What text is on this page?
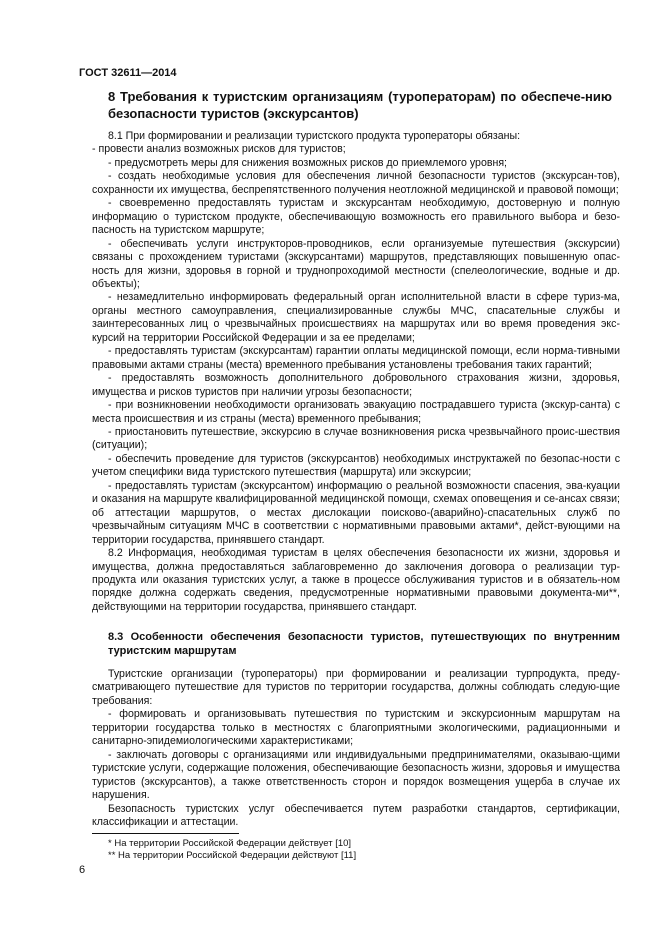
ГОСТ 32611—2014
8 Требования к туристским организациям (туроператорам) по обеспече-нию безопасности туристов (экскурсантов)

8.1 При формировании и реализации туристского продукта туроператоры обязаны:

- провести анализ возможных рисков для туристов;

- предусмотреть меры для снижения возможных рисков до приемлемого уровня;

- создать необходимые условия для обеспечения личной безопасности туристов (экскурсан-тов), сохранности их имущества, беспрепятственного получения неотложной медицинской и правовой помощи;

- своевременно предоставлять туристам и экскурсантам необходимую, достоверную и полную информацию о туристском продукте, обеспечивающую возможность его правильного выбора и безо-пасность на туристском маршруте;

- обеспечивать услуги инструкторов-проводников, если организуемые путешествия (экскурсии) связаны с прохождением туристами (экскурсантами) маршрутов, представляющих повышенную опас-ность для жизни, здоровья в горной и труднопроходимой местности (спелеологические, водные и др. объекты);

- незамедлительно информировать федеральный орган исполнительной власти в сфере туриз-ма, органы местного самоуправления, специализированные службы МЧС, спасательные службы и заинтересованных лиц о чрезвычайных происшествиях на маршрутах или во время проведения экс-курсий на территории Российской Федерации и за ее пределами;

- предоставлять туристам (экскурсантам) гарантии оплаты медицинской помощи, если норма-тивными правовыми актами страны (места) временного пребывания установлены требования таких гарантий;

- предоставлять возможность дополнительного добровольного страхования жизни, здоровья, имущества и рисков туристов при наличии угрозы безопасности;

- при возникновении необходимости организовать эвакуацию пострадавшего туриста (экскур-санта) с места происшествия и из страны (места) временного пребывания;

- приостановить путешествие, экскурсию в случае возникновения риска чрезвычайного проис-шествия (ситуации);

- обеспечить проведение для туристов (экскурсантов) необходимых инструктажей по безопас-ности с учетом специфики вида туристского путешествия (маршрута) или экскурсии;

- предоставлять туристам (экскурсантом) информацию о реальной возможности спасения, эва-куации и оказания на маршруте квалифицированной медицинской помощи, схемах оповещения и се-ансах связи; об аттестации маршрутов, о местах дислокации поисково-(аварийно)-спасательных служб по чрезвычайным ситуациям МЧС в соответствии с нормативными правовыми актами*, дейст-вующими на территории государства, принявшего стандарт.

8.2 Информация, необходимая туристам в целях обеспечения безопасности их жизни, здоровья и имущества, должна предоставляться заблаговременно до заключения договора о реализации тур-продукта или оказания туристских услуг, а также в процессе обслуживания туристов и в обязатель-ном порядке должна содержать сведения, предусмотренные нормативными правовыми документа-ми**, действующими на территории государства, принявшего стандарт.

8.3 Особенности обеспечения безопасности туристов, путешествующих по внутренним туристским маршрутам

Туристские организации (туроператоры) при формировании и реализации турпродукта, преду-сматривающего путешествие для туристов по территории государства, должны соблюдать следую-щие требования:

- формировать и организовывать путешествия по туристским и экскурсионным маршрутам на территории государства только в местностях с благоприятными экологическими, радиационными и санитарно-эпидемиологическими характеристиками;

- заключать договоры с организациями или индивидуальными предпринимателями, оказываю-щими туристские услуги, содержащие положения, обеспечивающие безопасность жизни, здоровья и имущества туристов (экскурсантов), а также ответственность сторон и порядок возмещения ущерба в случае их нарушения.

Безопасность туристских услуг обеспечивается путем разработки стандартов, сертификации, классификации и аттестации.

* На территории Российской Федерации действует [10]
** На территории Российской Федерации действуют [11]
6
